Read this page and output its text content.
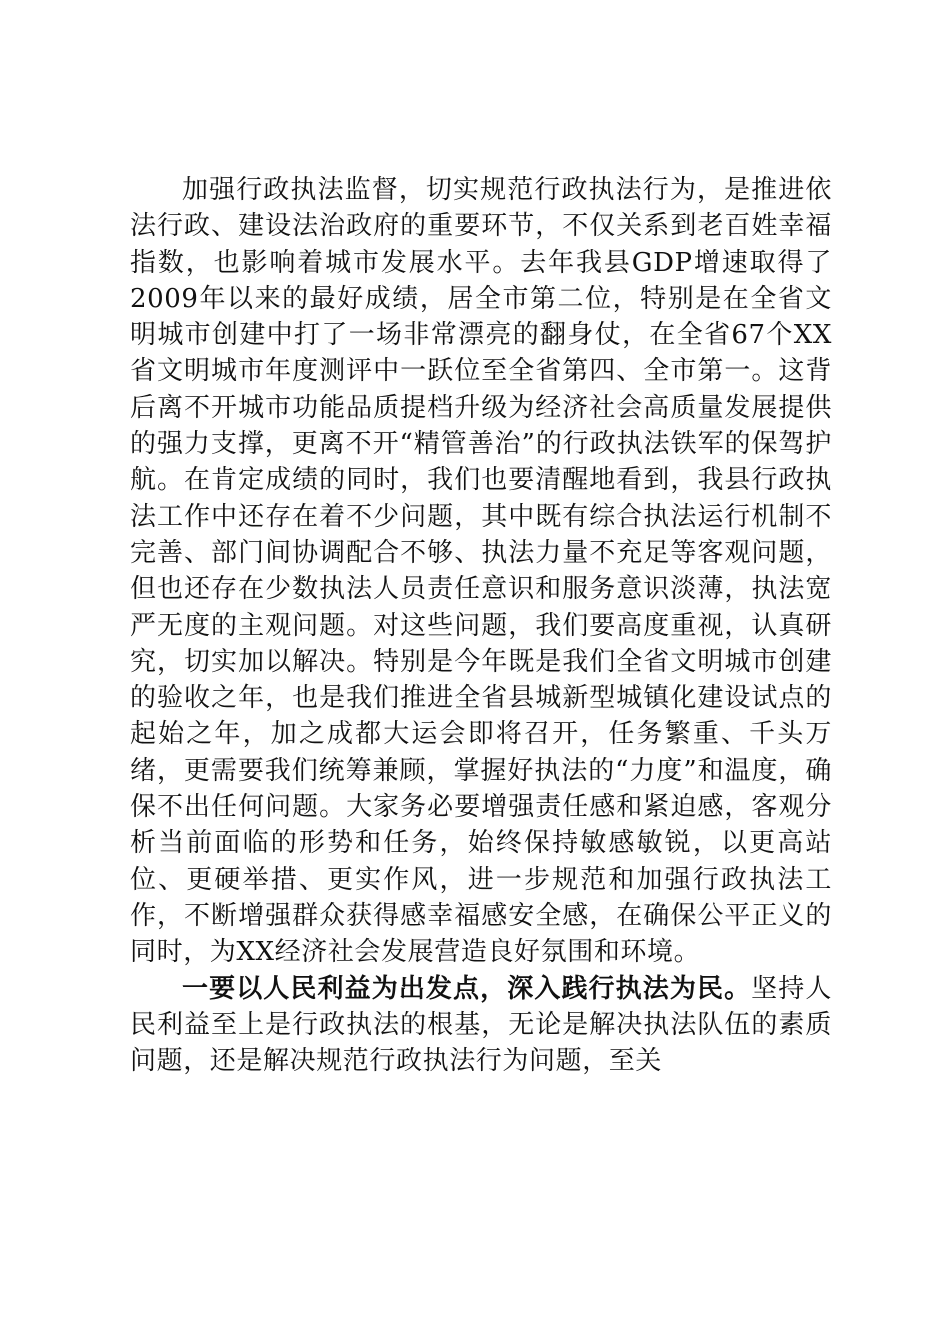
加强行政执法监督，切实规范行政执法行为，是推进依法行政、建设法治政府的重要环节，不仅关系到老百姓幸福指数，也影响着城市发展水平。去年我县GDP增速取得了2009年以来的最好成绩，居全市第二位，特别是在全省文明城市创建中打了一场非常漂亮的翻身仗，在全省67个XX省文明城市年度测评中一跃位至全省第四、全市第一。这背后离不开城市功能品质提档升级为经济社会高质量发展提供的强力支撑，更离不开“精管善治”的行政执法铁军的保驾护航。在肯定成绩的同时，我们也要清醒地看到，我县行政执法工作中还存在着不少问题，其中既有综合执法运行机制不完善、部门间协调配合不够、执法力量不充足等客观问题，但也还存在少数执法人员责任意识和服务意识淡薄，执法宽严无度的主观问题。对这些问题，我们要高度重视，认真研究，切实加以解决。特别是今年既是我们全省文明城市创建的验收之年，也是我们推进全省县城新型城镇化建设试点的起始之年，加之成都大运会即将召开，任务繁重、千头万绪，更需要我们统筹兼顾，掌握好执法的“力度”和温度，确保不出任何问题。大家务必要增强责任感和紧迫感，客观分析当前面临的形势和任务，始终保持敏感敏锐，以更高站位、更硬举措、更实作风，进一步规范和加强行政执法工作，不断增强群众获得感幸福感安全感，在确保公平正义的同时，为XX经济社会发展营造良好氛围和环境。

一要以人民利益为出发点，深入践行执法为民。坚持人民利益至上是行政执法的根基，无论是解决执法队伍的素质问题，还是解决规范行政执法行为问题，至关
